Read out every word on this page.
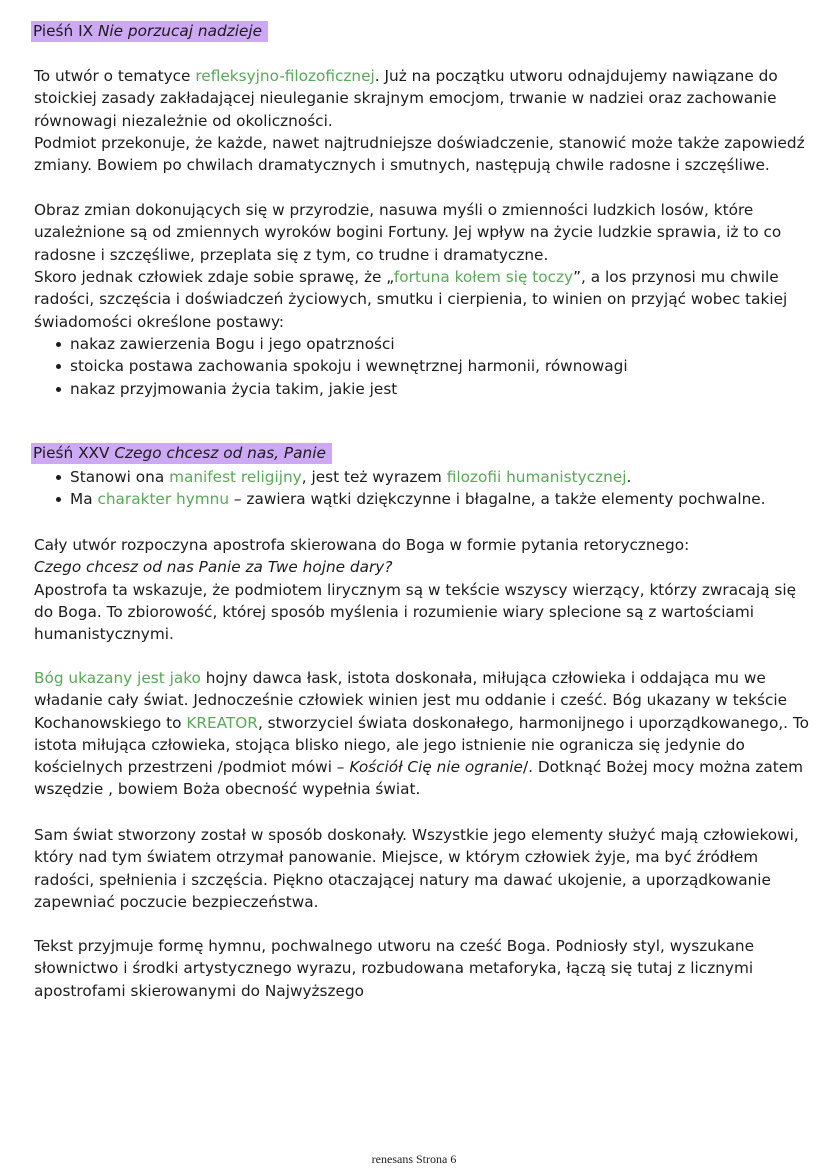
Pieśń IX Nie porzucaj nadzieje

To utwór o tematyce refleksyjno-filozoficznej. Już na początku utworu odnajdujemy nawiązane do stoickiej zasady zakładającej nieuleganie skrajnym emocjom, trwanie w nadziei oraz zachowanie równowagi niezależnie od okoliczności.

Podmiot przekonuje, że każde, nawet najtrudniejsze doświadczenie, stanowić może także zapowiedź zmiany. Bowiem po chwilach dramatycznych i smutnych, następują chwile radosne i szczęśliwe.

Obraz zmian dokonujących się w przyrodzie, nasuwa myśli o zmienności ludzkich losów, które uzależnione są od zmiennych wyroków bogini Fortuny. Jej wpływ na życie ludzkie sprawia, iż to co radosne i szczęśliwe, przeplata się z tym, co trudne i dramatyczne.

Skoro jednak człowiek zdaje sobie sprawę, że „fortuna kołem się toczy”, a los przynosi mu chwile radości, szczęścia i doświadczeń życiowych, smutku i cierpienia, to winien on przyjąć wobec takiej świadomości określone postawy:

nakaz zawierzenia Bogu i jego opatrzności
stoicka postawa zachowania spokoju i wewnętrznej harmonii, równowagi
nakaz przyjmowania życia takim, jakie jest
Pieśń XXV Czego chcesz od nas, Panie
Stanowi ona manifest religijny, jest też wyrazem filozofii humanistycznej.
Ma charakter hymnu – zawiera wątki dziękczynne i błagalne, a także elementy pochwalne.

Cały utwór rozpoczyna apostrofa skierowana do Boga w formie pytania retorycznego:
Czego chcesz od nas Panie za Twe hojne dary?
Apostrofa ta wskazuje, że podmiotem lirycznym są w tekście wszyscy wierzący, którzy zwracają się do Boga. To zbiorowość, której sposób myślenia i rozumienie wiary splecione są z wartościami humanistycznymi.

Bóg ukazany jest jako hojny dawca łask, istota doskonała, miłująca człowieka i oddająca mu we władanie cały świat. Jednocześnie człowiek winien jest mu oddanie i cześć. Bóg ukazany w tekście Kochanowskiego to KREATOR, stworzyciel świata doskonałego, harmonijnego i uporządkowanego,. To istota miłująca człowieka, stojąca blisko niego, ale jego istnienie nie ogranicza się jedynie do kościelnych przestrzeni /podmiot mówi – Kościół Cię nie ogranie/. Dotknąć Bożej mocy można zatem wszędzie , bowiem Boża obecność wypełnia świat.

Sam świat stworzony został w sposób doskonały. Wszystkie jego elementy służyć mają człowiekowi, który nad tym światem otrzymał panowanie. Miejsce, w którym człowiek żyje, ma być źródłem radości, spełnienia i szczęścia. Piękno otaczającej natury ma dawać ukojenie, a uporządkowanie zapewniać poczucie bezpieczeństwa.

Tekst przyjmuje formę hymnu, pochwalnego utworu na cześć Boga. Podniosły styl, wyszukane słownictwo i środki artystycznego wyrazu, rozbudowana metaforyka, łączą się tutaj z licznymi apostrofami skierowanymi do Najwyższego

renesans Strona 6
